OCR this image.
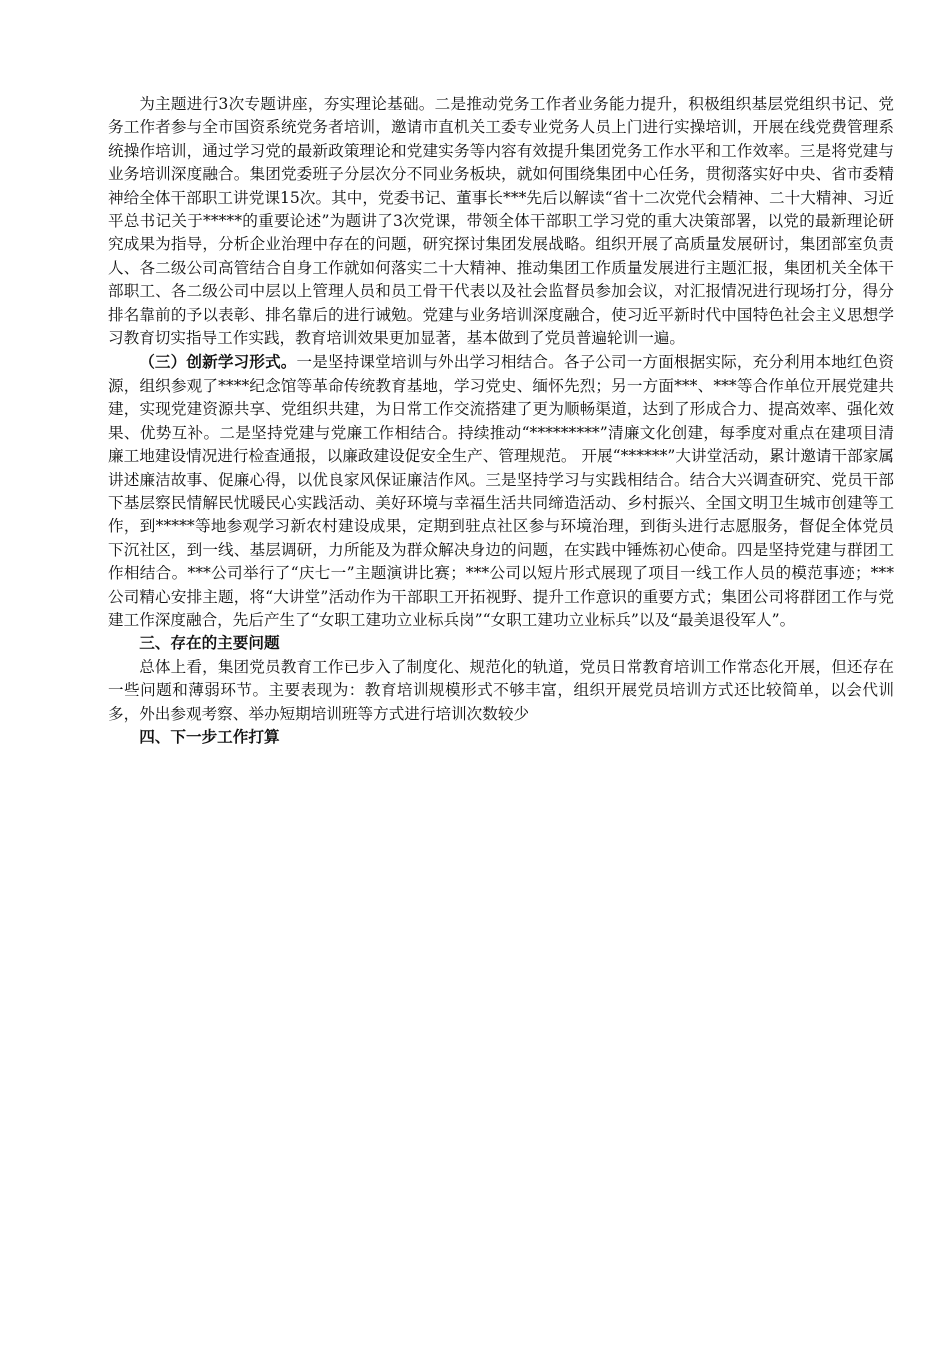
为主题进行3次专题讲座，夯实理论基础。二是推动党务工作者业务能力提升，积极组织基层党组织书记、党务工作者参与全市国资系统党务者培训，邀请市直机关工委专业党务人员上门进行实操培训，开展在线党费管理系统操作培训，通过学习党的最新政策理论和党建实务等内容有效提升集团党务工作水平和工作效率。三是将党建与业务培训深度融合。集团党委班子分层次分不同业务板块，就如何围绕集团中心任务，贯彻落实好中央、省市委精神给全体干部职工讲党课15次。其中，党委书记、董事长***先后以解读“省十二次党代会精神、二十大精神、习近平总书记关于*****的重要论述”为题讲了3次党课，带领全体干部职工学习党的重大决策部署，以党的最新理论研究成果为指导，分析企业治理中存在的问题，研究探讨集团发展战略。组织开展了高质量发展研讨，集团部室负责人、各二级公司高管结合自身工作就如何落实二十大精神、推动集团工作质量发展进行主题汇报，集团机关全体干部职工、各二级公司中层以上管理人员和员工骨干代表以及社会监督员参加会议，对汇报情况进行现场打分，得分排名靠前的予以表彰、排名靠后的进行诫勉。党建与业务培训深度融合，使习近平新时代中国特色社会主义思想学习教育切实指导工作实践，教育培训效果更加显著，基本做到了党员普遍轮训一遍。

（三）创新学习形式。一是坚持课堂培训与外出学习相结合。各子公司一方面根据实际，充分利用本地红色资源，组织参观了****纪念馆等革命传统教育基地，学习党史、缅怀先烈；另一方面***、***等合作单位开展党建共建，实现党建资源共享、党组织共建，为日常工作交流搭建了更为顺畅渠道，达到了形成合力、提高效率、强化效果、优势互补。二是坚持党建与党廉工作相结合。持续推动“*********”清廉文化创建，每季度对重点在建项目清廉工地建设情况进行检查通报，以廉政建设促安全生产、管理规范。 开展“******”大讲堂活动，累计邀请干部家属讲述廉洁故事、促廉心得，以优良家风保证廉洁作风。三是坚持学习与实践相结合。结合大兴调查研究、党员干部下基层察民情解民忧暖民心实践活动、美好环境与幸福生活共同缔造活动、乡村振兴、全国文明卫生城市创建等工作，到*****等地参观学习新农村建设成果，定期到驻点社区参与环境治理，到街头进行志愿服务，督促全体党员下沉社区，到一线、基层调研，力所能及为群众解决身边的问题，在实践中锤炼初心使命。四是坚持党建与群团工作相结合。***公司举行了“庆七一”主题演讲比赛；***公司以短片形式展现了项目一线工作人员的模范事迹；***公司精心安排主题，将“大讲堂”活动作为干部职工开拓视野、提升工作意识的重要方式；集团公司将群团工作与党建工作深度融合，先后产生了“女职工建功立业标兵岗”“女职工建功立业标兵”以及“最美退役军人”。

三、存在的主要问题

总体上看，集团党员教育工作已步入了制度化、规范化的轨道，党员日常教育培训工作常态化开展，但还存在一些问题和薄弱环节。主要表现为：教育培训规模形式不够丰富，组织开展党员培训方式还比较简单，以会代训多，外出参观考察、举办短期培训班等方式进行培训次数较少

四、下一步工作打算
